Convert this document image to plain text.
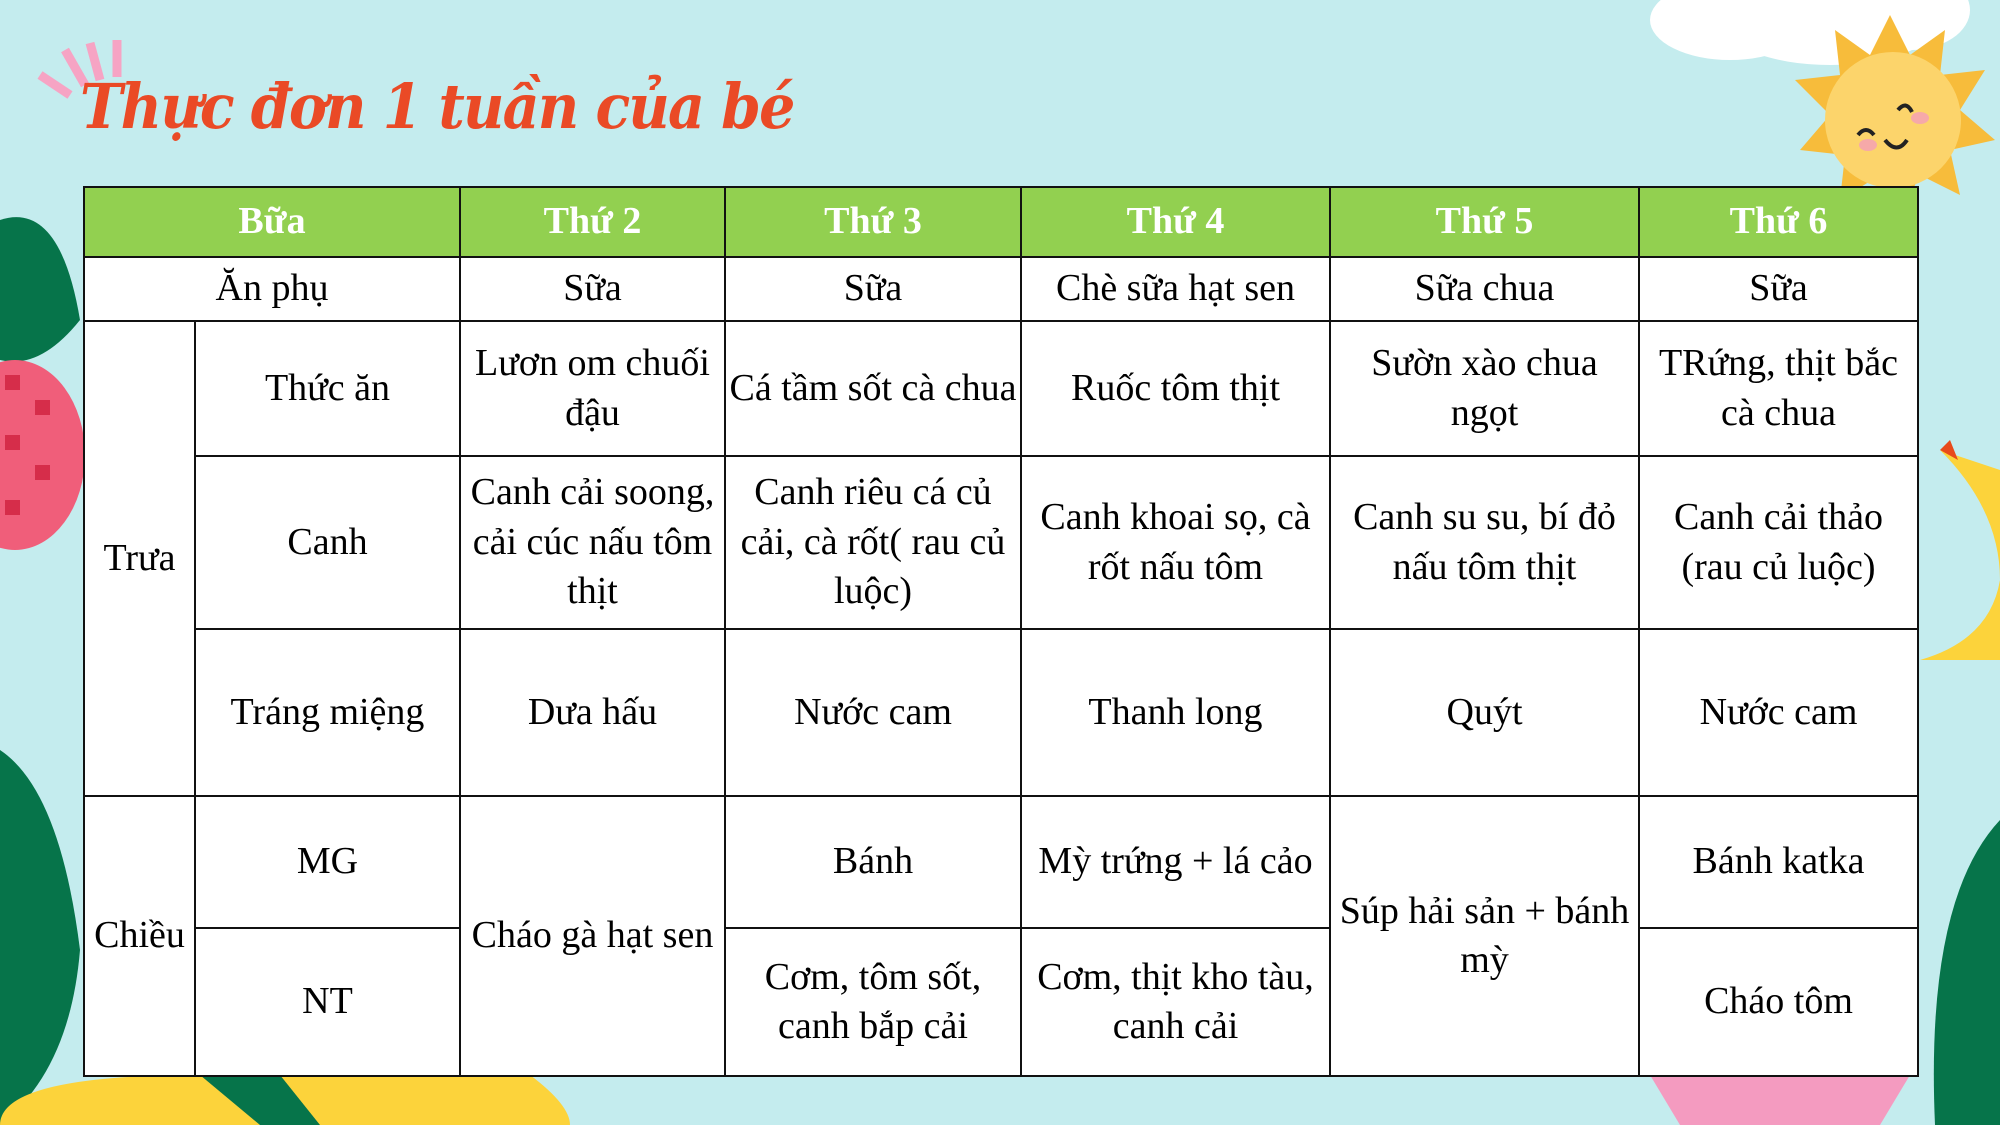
Thực đơn 1 tuần của bé
Bữa		Thứ 2	Thứ 3	Thứ 4	Thứ 5	Thứ 6
Ăn phụ		Sữa	Sữa	Chè sữa hạt sen	Sữa chua	Sữa
Trưa	Thức ăn	Lươn om chuối đậu	Cá tầm sốt cà chua	Ruốc tôm thịt	Sườn xào chua ngọt	TRứng, thịt bắc cà chua
	Canh	Canh cải soong, cải cúc nấu tôm thịt	Canh riêu cá củ cải, cà rốt( rau củ luộc)	Canh khoai sọ, cà rốt nấu tôm	Canh su su, bí đỏ nấu tôm thịt	Canh cải thảo (rau củ luộc)
	Tráng miệng	Dưa hấu	Nước cam	Thanh long	Quýt	Nước cam
Chiều	MG	Cháo gà hạt sen	Bánh	Mỳ trứng + lá cảo	Súp hải sản + bánh mỳ	Bánh katka
	NT		Cơm, tôm sốt, canh bắp cải	Cơm, thịt kho tàu, canh cải		Cháo tôm
